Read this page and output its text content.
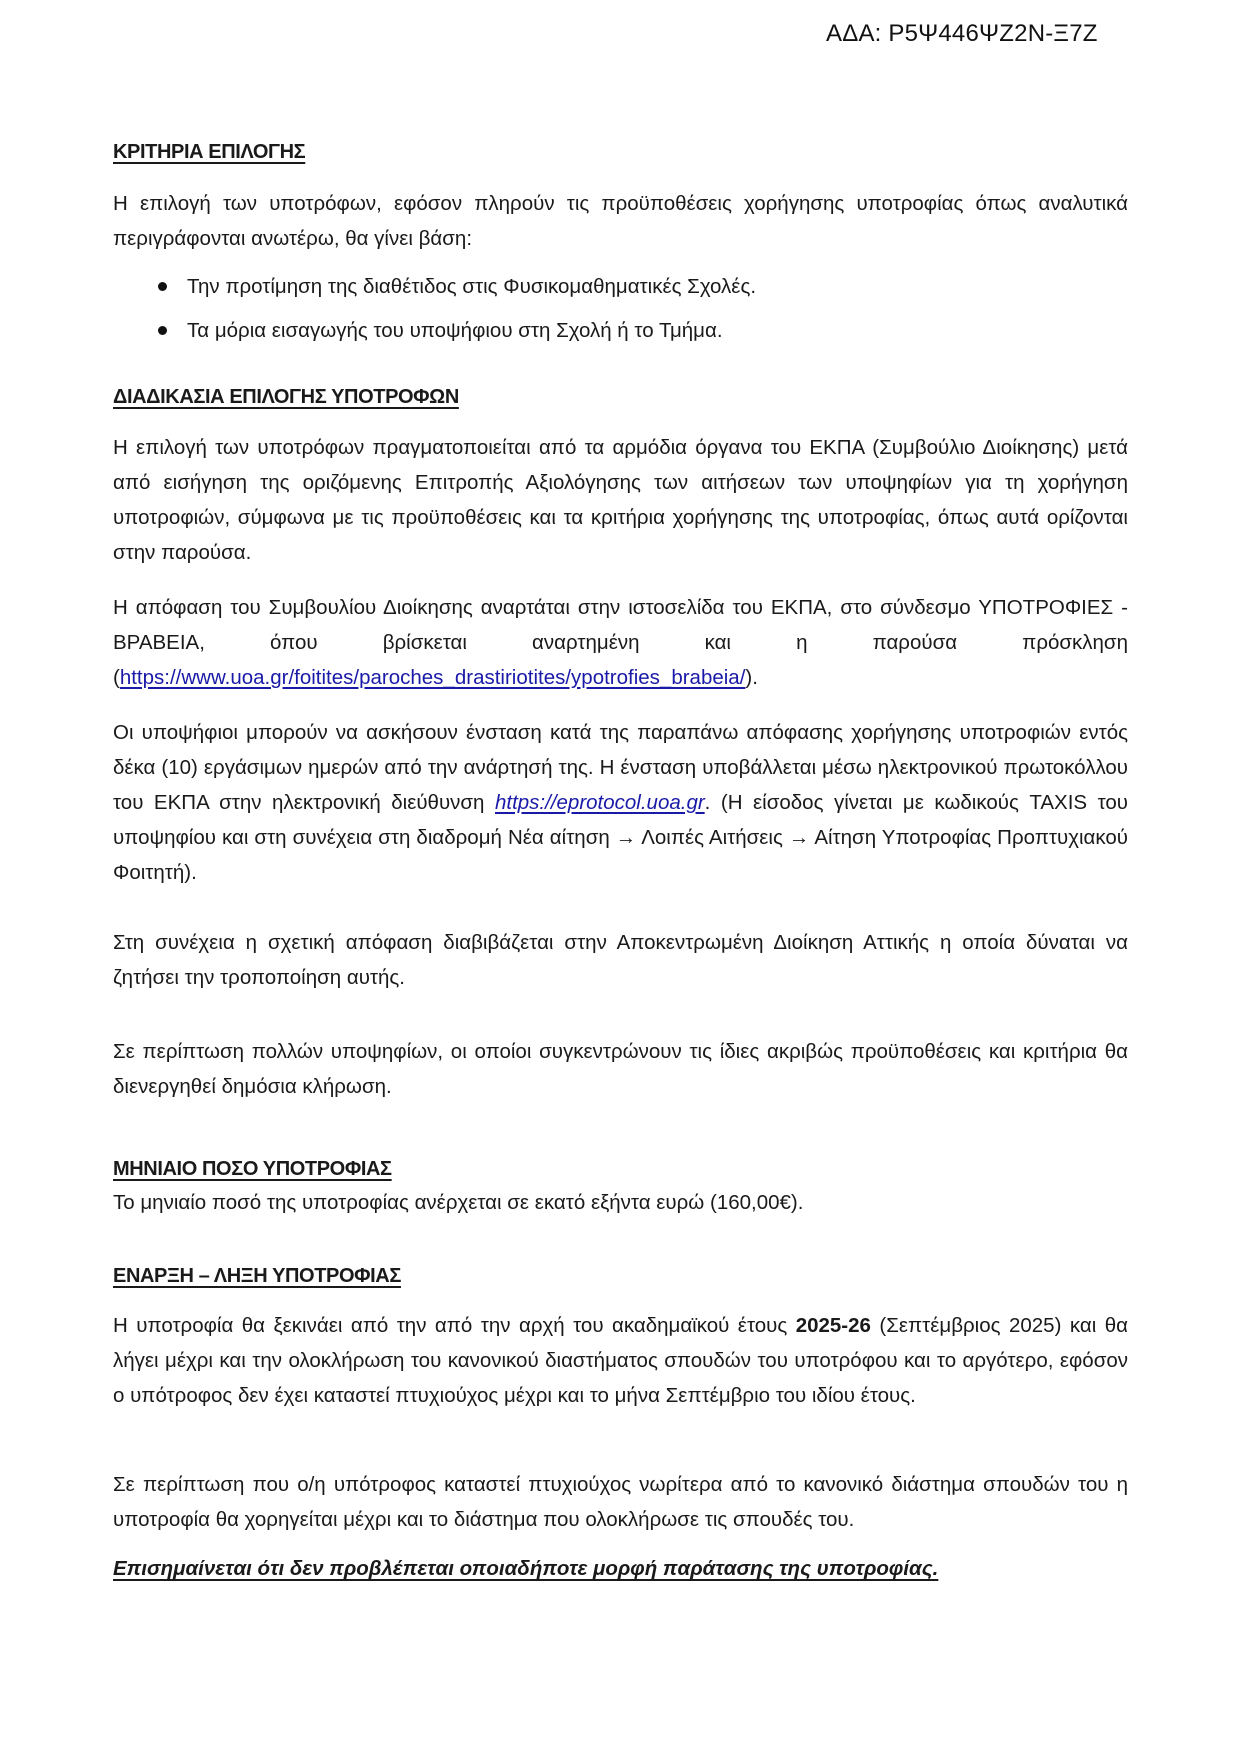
ΑΔΑ: Ρ5Ψ446ΨΖ2Ν-Ξ7Ζ
ΚΡΙΤΗΡΙΑ ΕΠΙΛΟΓΗΣ
Η επιλογή των υποτρόφων, εφόσον πληρούν τις προϋποθέσεις χορήγησης υποτροφίας όπως αναλυτικά περιγράφονται ανωτέρω, θα γίνει βάση:
Την προτίμηση της διαθέτιδος στις Φυσικομαθηματικές Σχολές.
Τα μόρια εισαγωγής του υποψήφιου στη Σχολή ή το Τμήμα.
ΔΙΑΔΙΚΑΣΙΑ ΕΠΙΛΟΓΗΣ ΥΠΟΤΡΟΦΩΝ
Η επιλογή των υποτρόφων πραγματοποιείται από τα αρμόδια όργανα του ΕΚΠΑ (Συμβούλιο Διοίκησης) μετά από εισήγηση της οριζόμενης Επιτροπής Αξιολόγησης των αιτήσεων των υποψηφίων για τη χορήγηση υποτροφιών, σύμφωνα με τις προϋποθέσεις και τα κριτήρια χορήγησης της υποτροφίας, όπως αυτά ορίζονται στην παρούσα.
Η απόφαση του Συμβουλίου Διοίκησης αναρτάται στην ιστοσελίδα του ΕΚΠΑ, στο σύνδεσμο ΥΠΟΤΡΟΦΙΕΣ - ΒΡΑΒΕΙΑ, όπου βρίσκεται αναρτημένη και η παρούσα πρόσκληση (https://www.uoa.gr/foitites/paroches_drastiriotites/ypotrofies_brabeia/).
Οι υποψήφιοι μπορούν να ασκήσουν ένσταση κατά της παραπάνω απόφασης χορήγησης υποτροφιών εντός δέκα (10) εργάσιμων ημερών από την ανάρτησή της. Η ένσταση υποβάλλεται μέσω ηλεκτρονικού πρωτοκόλλου του ΕΚΠΑ στην ηλεκτρονική διεύθυνση https://eprotocol.uoa.gr. (Η είσοδος γίνεται με κωδικούς TAXIS του υποψηφίου και στη συνέχεια στη διαδρομή Νέα αίτηση → Λοιπές Αιτήσεις → Αίτηση Υποτροφίας Προπτυχιακού Φοιτητή).
Στη συνέχεια η σχετική απόφαση διαβιβάζεται στην Αποκεντρωμένη Διοίκηση Αττικής η οποία δύναται να ζητήσει την τροποποίηση αυτής.
Σε περίπτωση πολλών υποψηφίων, οι οποίοι συγκεντρώνουν τις ίδιες ακριβώς προϋποθέσεις και κριτήρια θα διενεργηθεί δημόσια κλήρωση.
ΜΗΝΙΑΙΟ ΠΟΣΟ ΥΠΟΤΡΟΦΙΑΣ
Το μηνιαίο ποσό της υποτροφίας ανέρχεται σε εκατό εξήντα ευρώ (160,00€).
ΕΝΑΡΞΗ – ΛΗΞΗ ΥΠΟΤΡΟΦΙΑΣ
Η υποτροφία θα ξεκινάει από την από την αρχή του ακαδημαϊκού έτους 2025-26 (Σεπτέμβριος 2025) και θα λήγει μέχρι και την ολοκλήρωση του κανονικού διαστήματος σπουδών του υποτρόφου και το αργότερο, εφόσον ο υπότροφος δεν έχει καταστεί πτυχιούχος μέχρι και το μήνα Σεπτέμβριο του ιδίου έτους.
Σε περίπτωση που ο/η υπότροφος καταστεί πτυχιούχος νωρίτερα από το κανονικό διάστημα σπουδών του η υποτροφία θα χορηγείται μέχρι και το διάστημα που ολοκλήρωσε τις σπουδές του.
Επισημαίνεται ότι δεν προβλέπεται οποιαδήποτε μορφή παράτασης της υποτροφίας.
